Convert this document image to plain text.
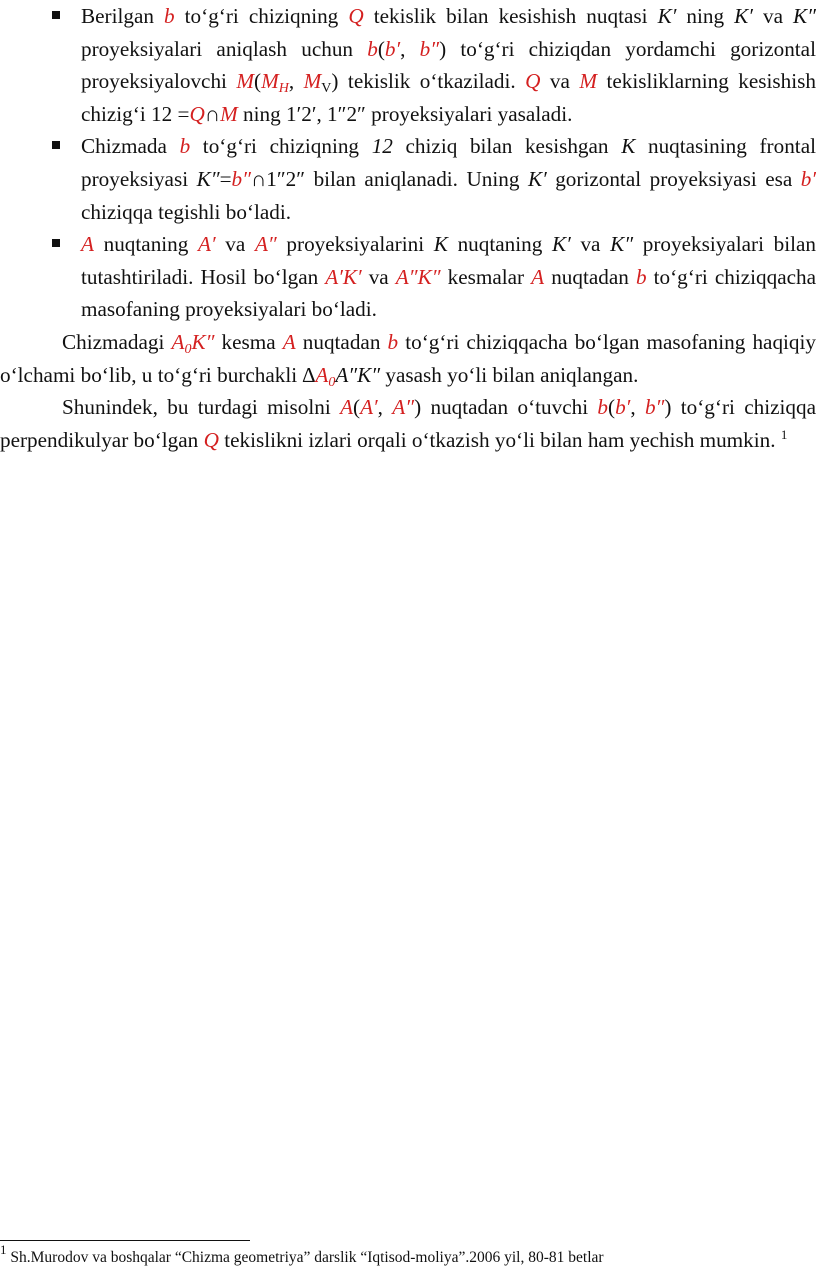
Berilgan b to‘g‘ri chiziqning Q tekislik bilan kesishish nuqtasi K′ ning K′ va K″ proyeksiyalari aniqlash uchun b(b′, b″) to‘g‘ri chiziqdan yordamchi gorizontal proyeksiyalovchi $M(M_H$, $M_V$) tekislik o‘tkaziladi. Q va M tekisliklarning kesishish chizig‘i 12 =Q∩M ning 1′2′, 1″2″ proyeksiyalari yasaladi.
Chizmada b to‘g‘ri chiziqning 12 chiziq bilan kesishgan K nuqtasining frontal proyeksiyasi K″=b″∩1″2″ bilan aniqlanadi. Uning K′ gorizontal proyeksiyasi esa b′ chiziqqa tegishli bo‘ladi.
A nuqtaning A′ va A″ proyeksiyalarini K nuqtaning K′ va K″ proyeksiyalari bilan tutashtiriladi. Hosil bo‘lgan A′K′ va A″K″ kesmalar A nuqtadan b to‘g‘ri chiziqqacha masofaning proyeksiyalari bo‘ladi.

Chizmadagi $A_0K''$ kesma A nuqtadan b to‘g‘ri chiziqqacha bo‘lgan masofaning haqiqiy o‘lchami bo‘lib, u to‘g‘ri burchakli $\Delta A_0A''K''$ yasash yo‘li bilan aniqlangan.

Shunindek, bu turdagi misolni A(A′, A″) nuqtadan o‘tuvchi b(b′, b″) to‘g‘ri chiziqqa perpendikulyar bo‘lgan Q tekislikni izlari orqali o‘tkazish yo‘li bilan ham yechish mumkin. $^1$

$^1$ Sh.Murodov va boshqalar “Chizma geometriya” darslik “Iqtisod-moliya”.2006 yil, 80-81 betlar
